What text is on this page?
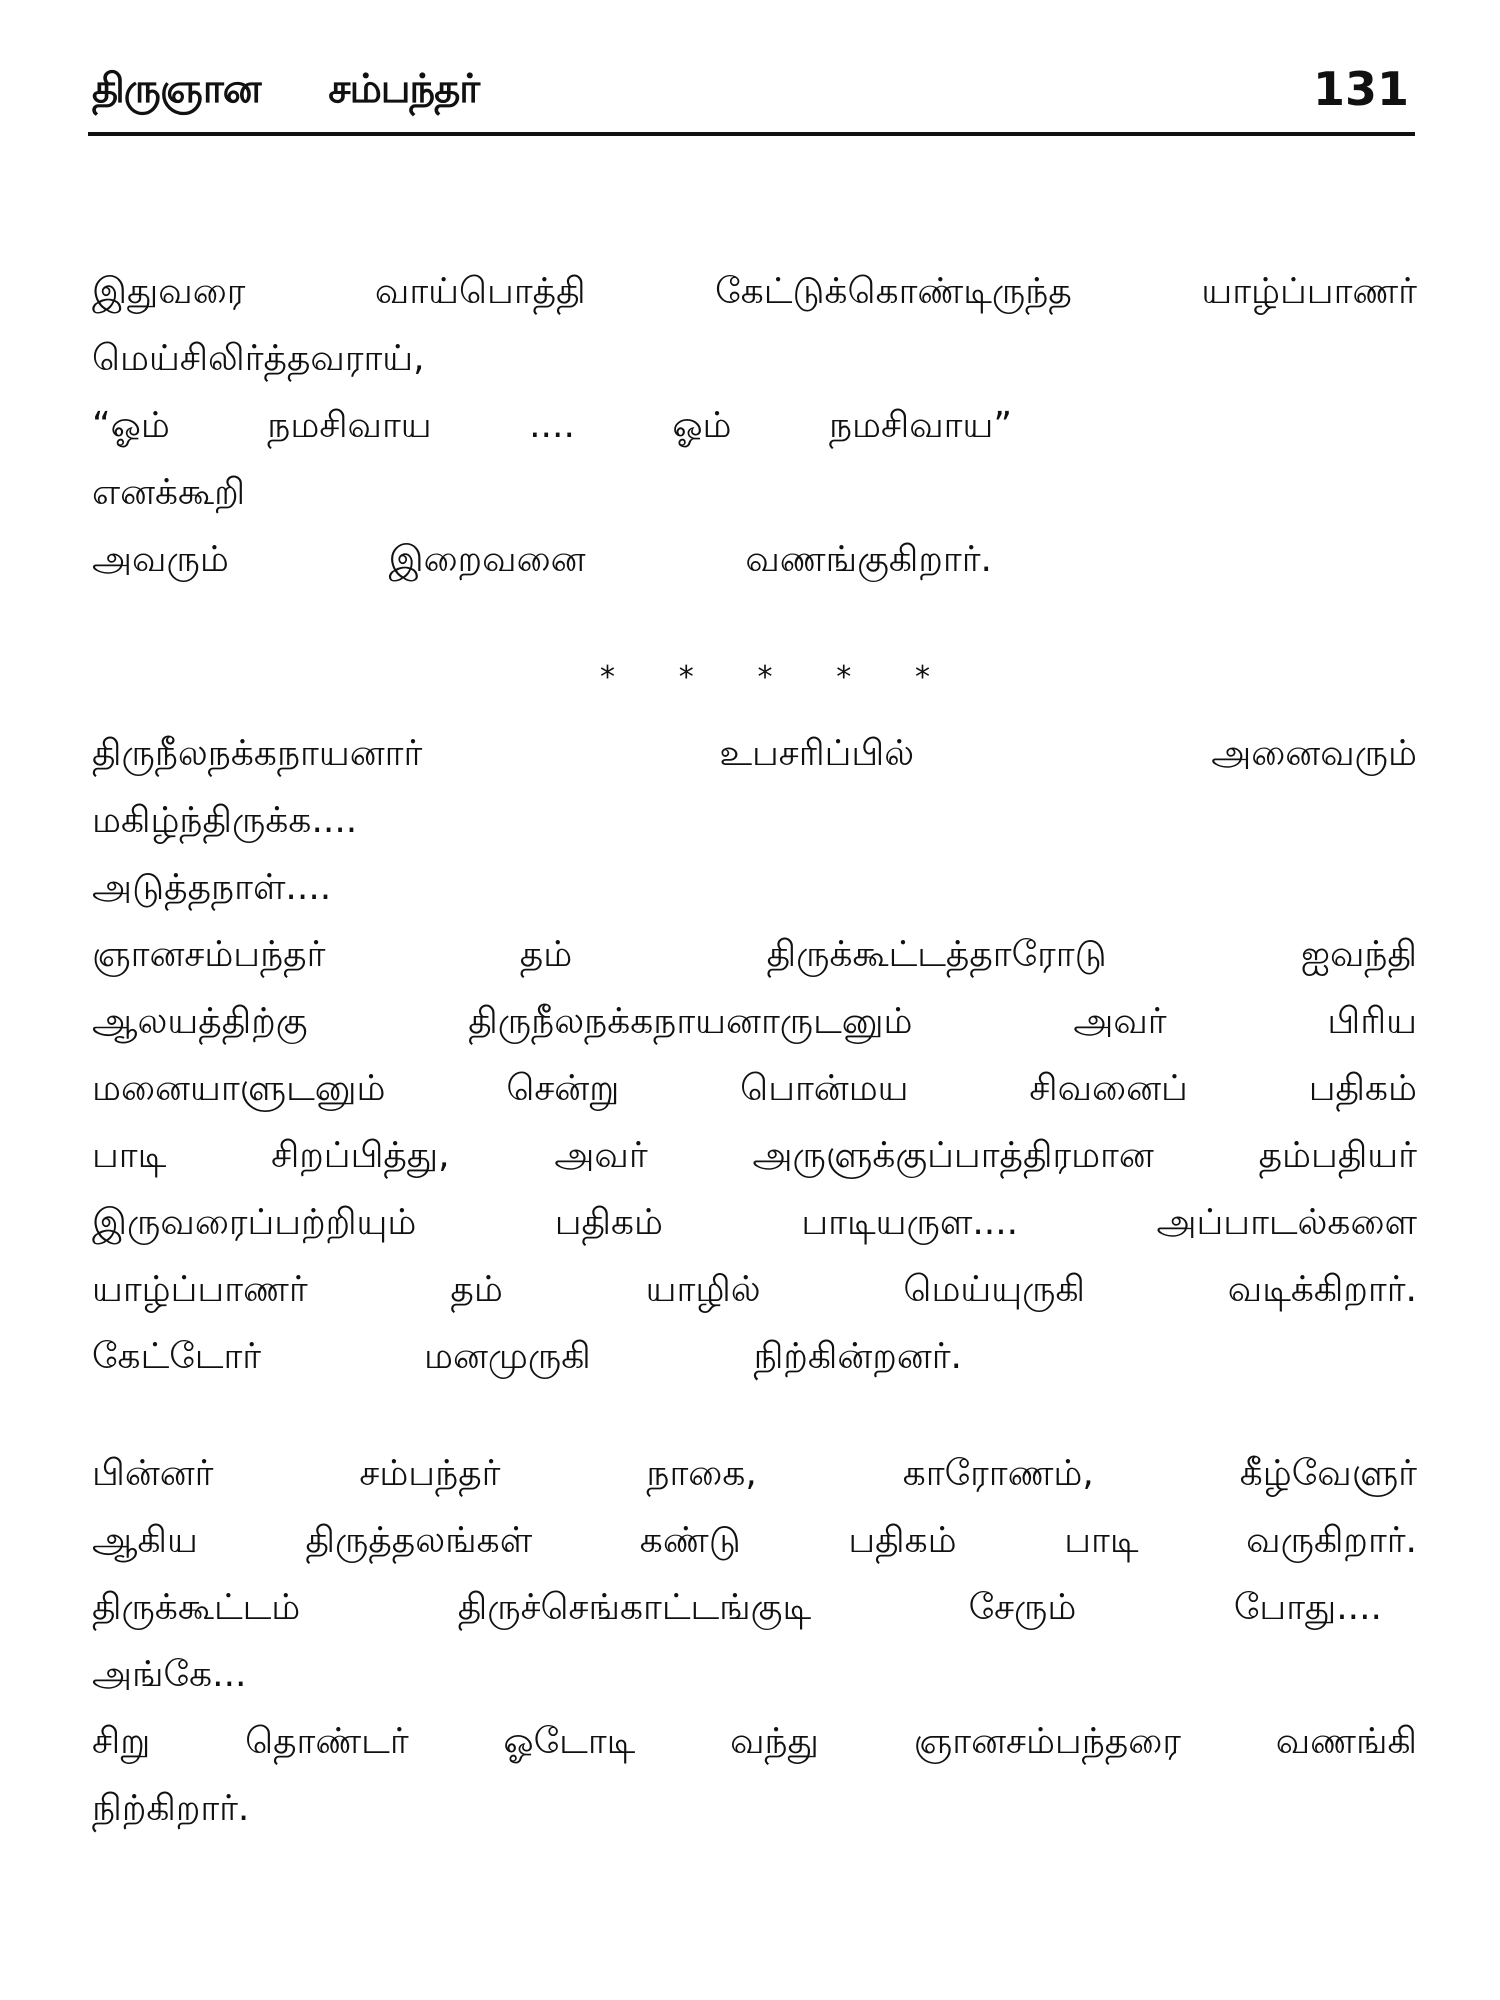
திருஞான சம்பந்தர்	131
இதுவரை வாய்பொத்தி கேட்டுக்கொண்டிருந்த யாழ்ப்பாணர்
மெய்சிலிர்த்தவராய்,
“ஓம் நமசிவாய .... ஓம் நமசிவாய”
எனக்கூறி
அவரும் இறைவனை வணங்குகிறார்.
* * * * *
திருநீலநக்கநாயனார் உபசரிப்பில் அனைவரும்
மகிழ்ந்திருக்க....
அடுத்தநாள்....
ஞானசம்பந்தர் தம் திருக்கூட்டத்தாரோடு ஐவந்தி
ஆலயத்திற்கு திருநீலநக்கநாயனாருடனும் அவர் பிரிய
மனையாளுடனும் சென்று பொன்மய சிவனைப் பதிகம்
பாடி சிறப்பித்து, அவர் அருளுக்குப்பாத்திரமான தம்பதியர்
இருவரைப்பற்றியும் பதிகம் பாடியருள.... அப்பாடல்களை
யாழ்ப்பாணர் தம் யாழில் மெய்யுருகி வடிக்கிறார்.
கேட்டோர் மனமுருகி நிற்கின்றனர்.
பின்னர் சம்பந்தர் நாகை, காரோணம், கீழ்வேளுர்
ஆகிய திருத்தலங்கள் கண்டு பதிகம் பாடி வருகிறார்.
திருக்கூட்டம் திருச்செங்காட்டங்குடி சேரும் போது....
அங்கே...
சிறு தொண்டர் ஓடோடி வந்து ஞானசம்பந்தரை வணங்கி
நிற்கிறார்.
